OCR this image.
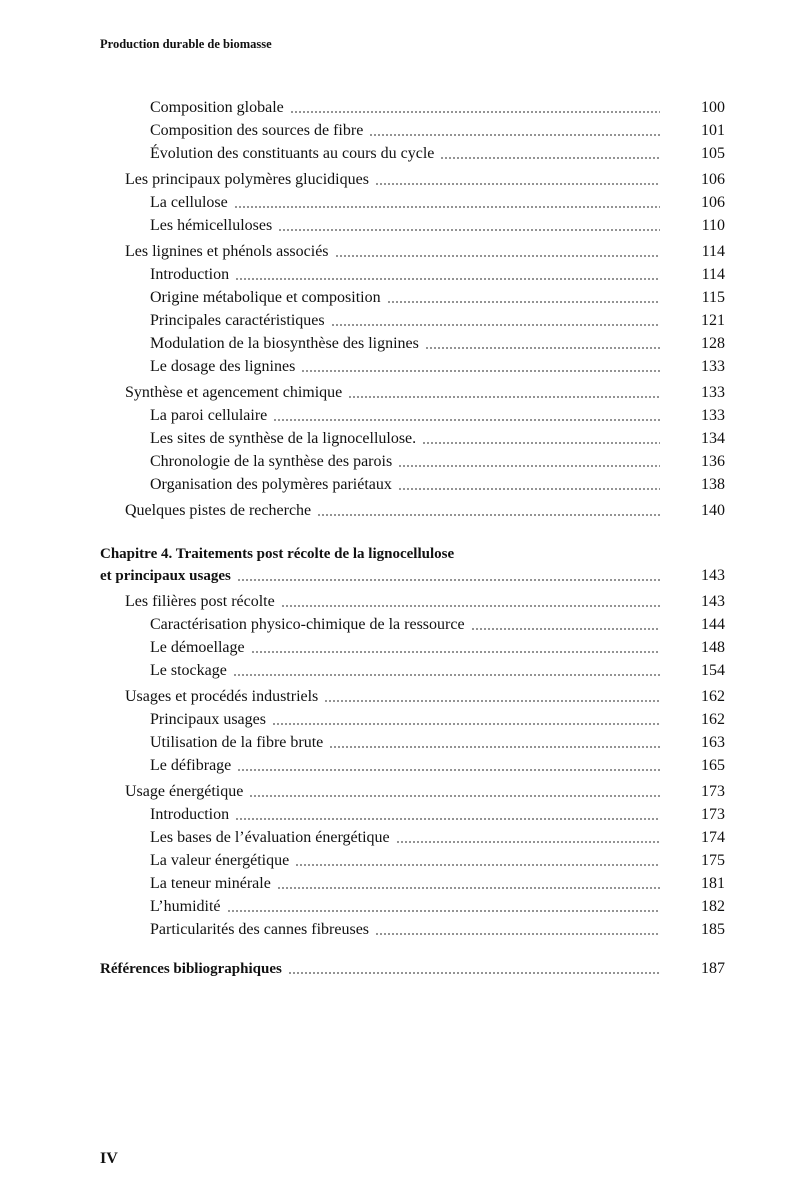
Production durable de biomasse
Composition globale	100
Composition des sources de fibre	101
Évolution des constituants au cours du cycle	105
Les principaux polymères glucidiques	106
La cellulose	106
Les hémicelluloses	110
Les lignines et phénols associés	114
Introduction	114
Origine métabolique et composition	115
Principales caractéristiques	121
Modulation de la biosynthèse des lignines	128
Le dosage des lignines	133
Synthèse et agencement chimique	133
La paroi cellulaire	133
Les sites de synthèse de la lignocellulose.	134
Chronologie de la synthèse des parois	136
Organisation des polymères pariétaux	138
Quelques pistes de recherche	140
Chapitre 4. Traitements post récolte de la lignocellulose
et principaux usages	143
Les filières post récolte	143
Caractérisation physico-chimique de la ressource	144
Le démoellage	148
Le stockage	154
Usages et procédés industriels	162
Principaux usages	162
Utilisation de la fibre brute	163
Le défibrage	165
Usage énergétique	173
Introduction	173
Les bases de l’évaluation énergétique	174
La valeur énergétique	175
La teneur minérale	181
L’humidité	182
Particularités des cannes fibreuses	185
Références bibliographiques	187
IV
